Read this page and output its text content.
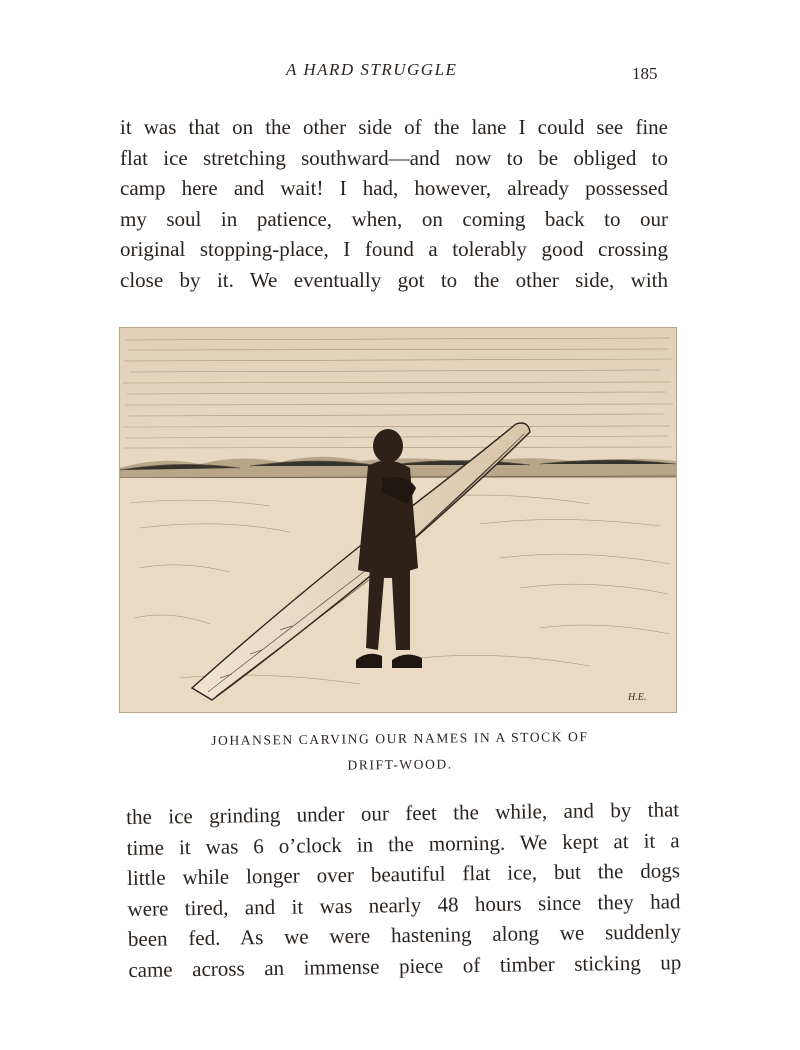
A HARD STRUGGLE	185
it was that on the other side of the lane I could see fine
flat ice stretching southward—and now to be obliged to
camp here and wait! I had, however, already possessed
my soul in patience, when, on coming back to our
original stopping-place, I found a tolerably good crossing
close by it. We eventually got to the other side, with
H.E.
JOHANSEN CARVING OUR NAMES IN A STOCK OF
DRIFT-WOOD.
the ice grinding under our feet the while, and by that
time it was 6 o’clock in the morning. We kept at it a
little while longer over beautiful flat ice, but the dogs
were tired, and it was nearly 48 hours since they had
been fed. As we were hastening along we suddenly
came across an immense piece of timber sticking up
